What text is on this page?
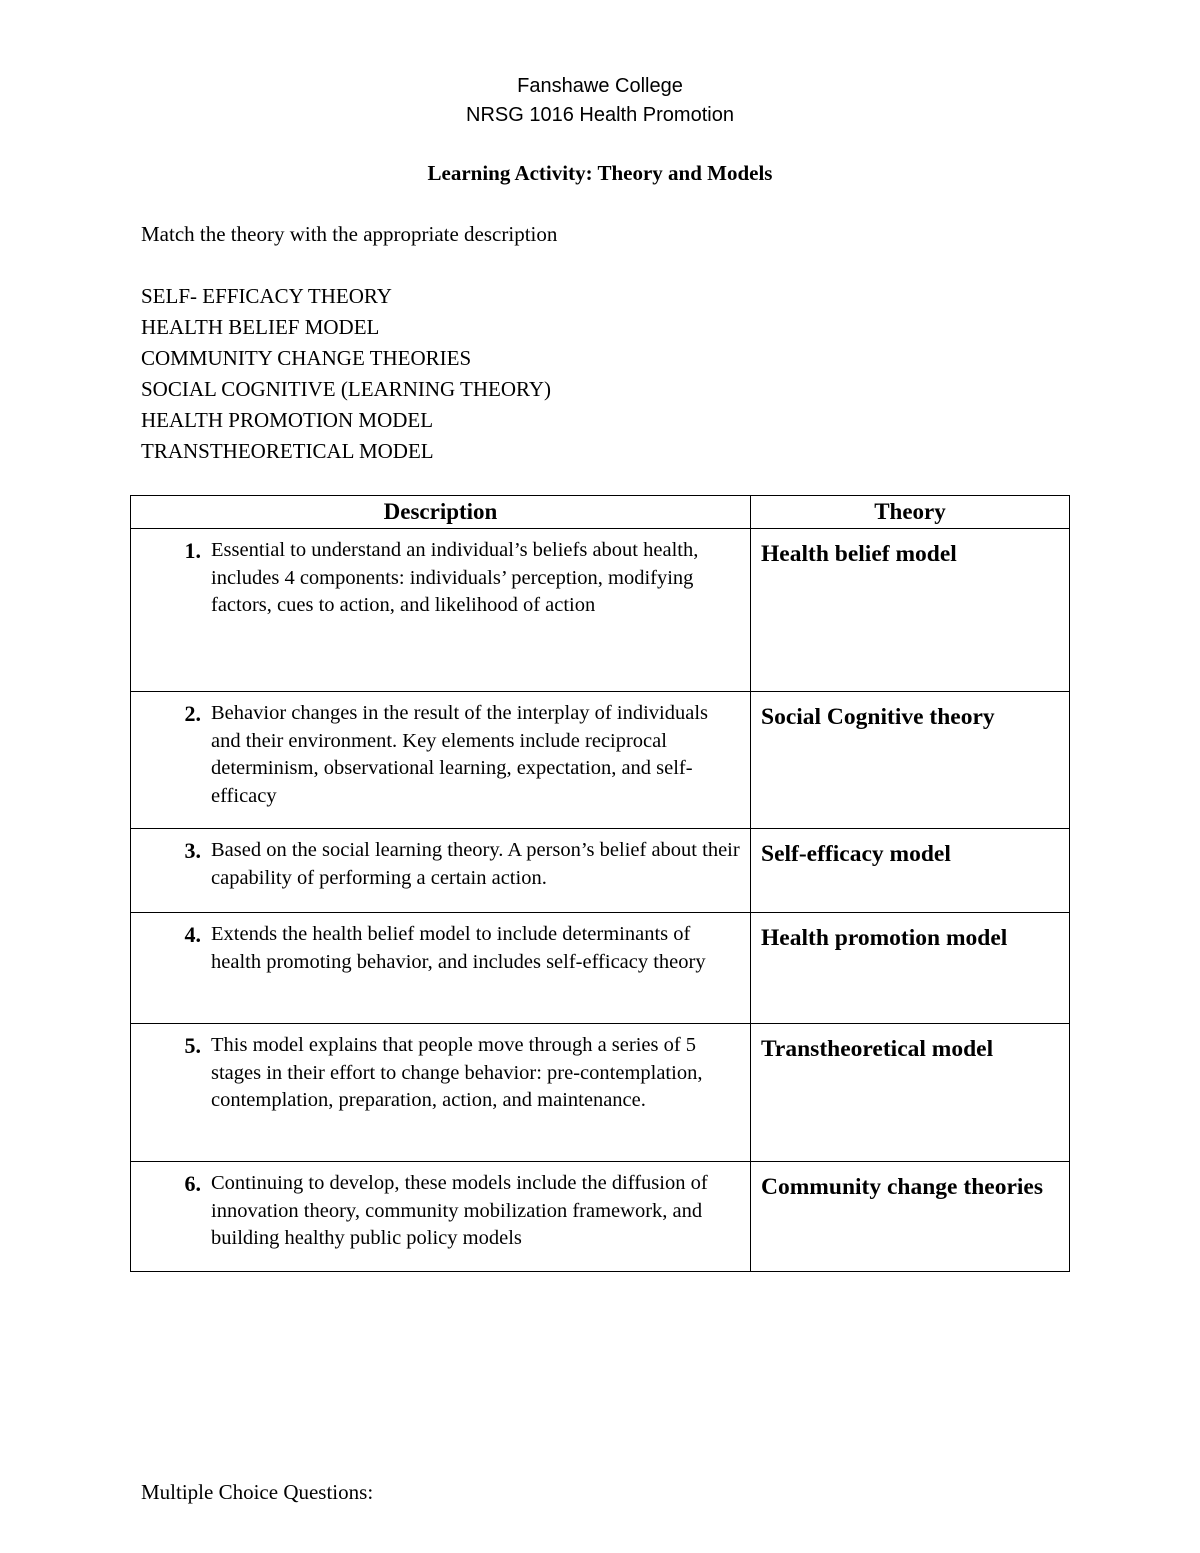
Fanshawe College
NRSG 1016 Health Promotion
Learning Activity: Theory and Models
Match the theory with the appropriate description
SELF- EFFICACY THEORY
HEALTH BELIEF MODEL
COMMUNITY CHANGE THEORIES
SOCIAL COGNITIVE (LEARNING THEORY)
HEALTH PROMOTION MODEL
TRANSTHEORETICAL MODEL
Description	Theory

1. Essential to understand an individual’s beliefs about health, includes 4 components: individuals’ perception, modifying factors, cues to action, and likelihood of action	Health belief model

2. Behavior changes in the result of the interplay of individuals and their environment. Key elements include reciprocal determinism, observational learning, expectation, and self-efficacy	Social Cognitive theory

3. Based on the social learning theory. A person’s belief about their capability of performing a certain action.	Self-efficacy model

4. Extends the health belief model to include determinants of health promoting behavior, and includes self-efficacy theory	Health promotion model

5. This model explains that people move through a series of 5 stages in their effort to change behavior: pre-contemplation, contemplation, preparation, action, and maintenance.	Transtheoretical model

6. Continuing to develop, these models include the diffusion of innovation theory, community mobilization framework, and building healthy public policy models	Community change theories
Multiple Choice Questions:
